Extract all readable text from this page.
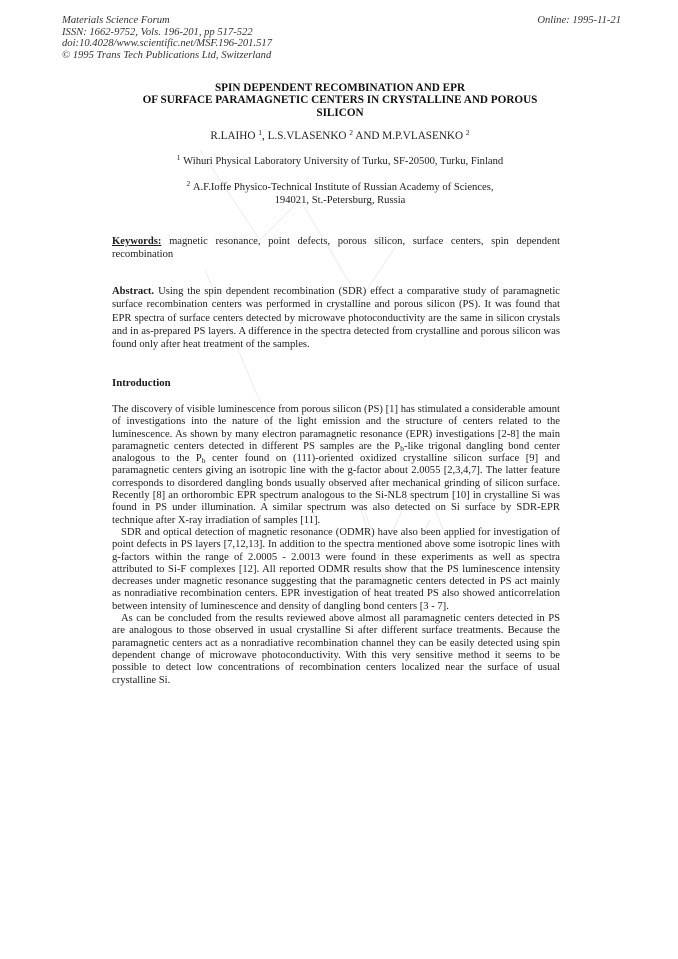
Materials Science Forum
ISSN: 1662-9752, Vols. 196-201, pp 517-522
doi:10.4028/www.scientific.net/MSF.196-201.517
© 1995 Trans Tech Publications Ltd, Switzerland
Online: 1995-11-21
SPIN DEPENDENT RECOMBINATION AND EPR
OF SURFACE PARAMAGNETIC CENTERS IN CRYSTALLINE AND POROUS
SILICON
R.LAIHO $^1$, L.S.VLASENKO $^2$ AND M.P.VLASENKO $^2$
$^1$ Wihuri Physical Laboratory University of Turku, SF-20500, Turku, Finland
$^2$ A.F.Ioffe Physico-Technical Institute of Russian Academy of Sciences,
194021, St.-Petersburg, Russia
Keywords: magnetic resonance, point defects, porous silicon, surface centers, spin dependent recombination
Abstract. Using the spin dependent recombination (SDR) effect a comparative study of paramagnetic surface recombination centers was performed in crystalline and porous silicon (PS). It was found that EPR spectra of surface centers detected by microwave photoconductivity are the same in silicon crystals and in as-prepared PS layers. A difference in the spectra detected from crystalline and porous silicon was found only after heat treatment of the samples.
Introduction

The discovery of visible luminescence from porous silicon (PS) [1] has stimulated a considerable amount of investigations into the nature of the light emission and the structure of centers related to the luminescence. As shown by many electron paramagnetic resonance (EPR) investigations [2-8] the main paramagnetic centers detected in different PS samples are the $P_b$-like trigonal dangling bond center analogous to the $P_b$ center found on (111)-oriented oxidized crystalline silicon surface [9] and paramagnetic centers giving an isotropic line with the g-factor about 2.0055 [2,3,4,7]. The latter feature corresponds to disordered dangling bonds usually observed after mechanical grinding of silicon surface. Recently [8] an orthorombic EPR spectrum analogous to the Si-NL8 spectrum [10] in crystalline Si was found in PS under illumination. A similar spectrum was also detected on Si surface by SDR-EPR technique after X-ray irradiation of samples [11].

SDR and optical detection of magnetic resonance (ODMR) have also been applied for investigation of point defects in PS layers [7,12,13]. In addition to the spectra mentioned above some isotropic lines with g-factors within the range of 2.0005 - 2.0013 were found in these experiments as well as spectra attributed to Si-F complexes [12]. All reported ODMR results show that the PS luminescence intensity decreases under magnetic resonance suggesting that the paramagnetic centers detected in PS act mainly as nonradiative recombination centers. EPR investigation of heat treated PS also showed anticorrelation between intensity of luminescence and density of dangling bond centers [3 - 7].

As can be concluded from the results reviewed above almost all paramagnetic centers detected in PS are analogous to those observed in usual crystalline Si after different surface treatments. Because the paramagnetic centers act as a nonradiative recombination channel they can be easily detected using spin dependent change of microwave photoconductivity. With this very sensitive method it seems to be possible to detect low concentrations of recombination centers localized near the surface of usual crystalline Si.
